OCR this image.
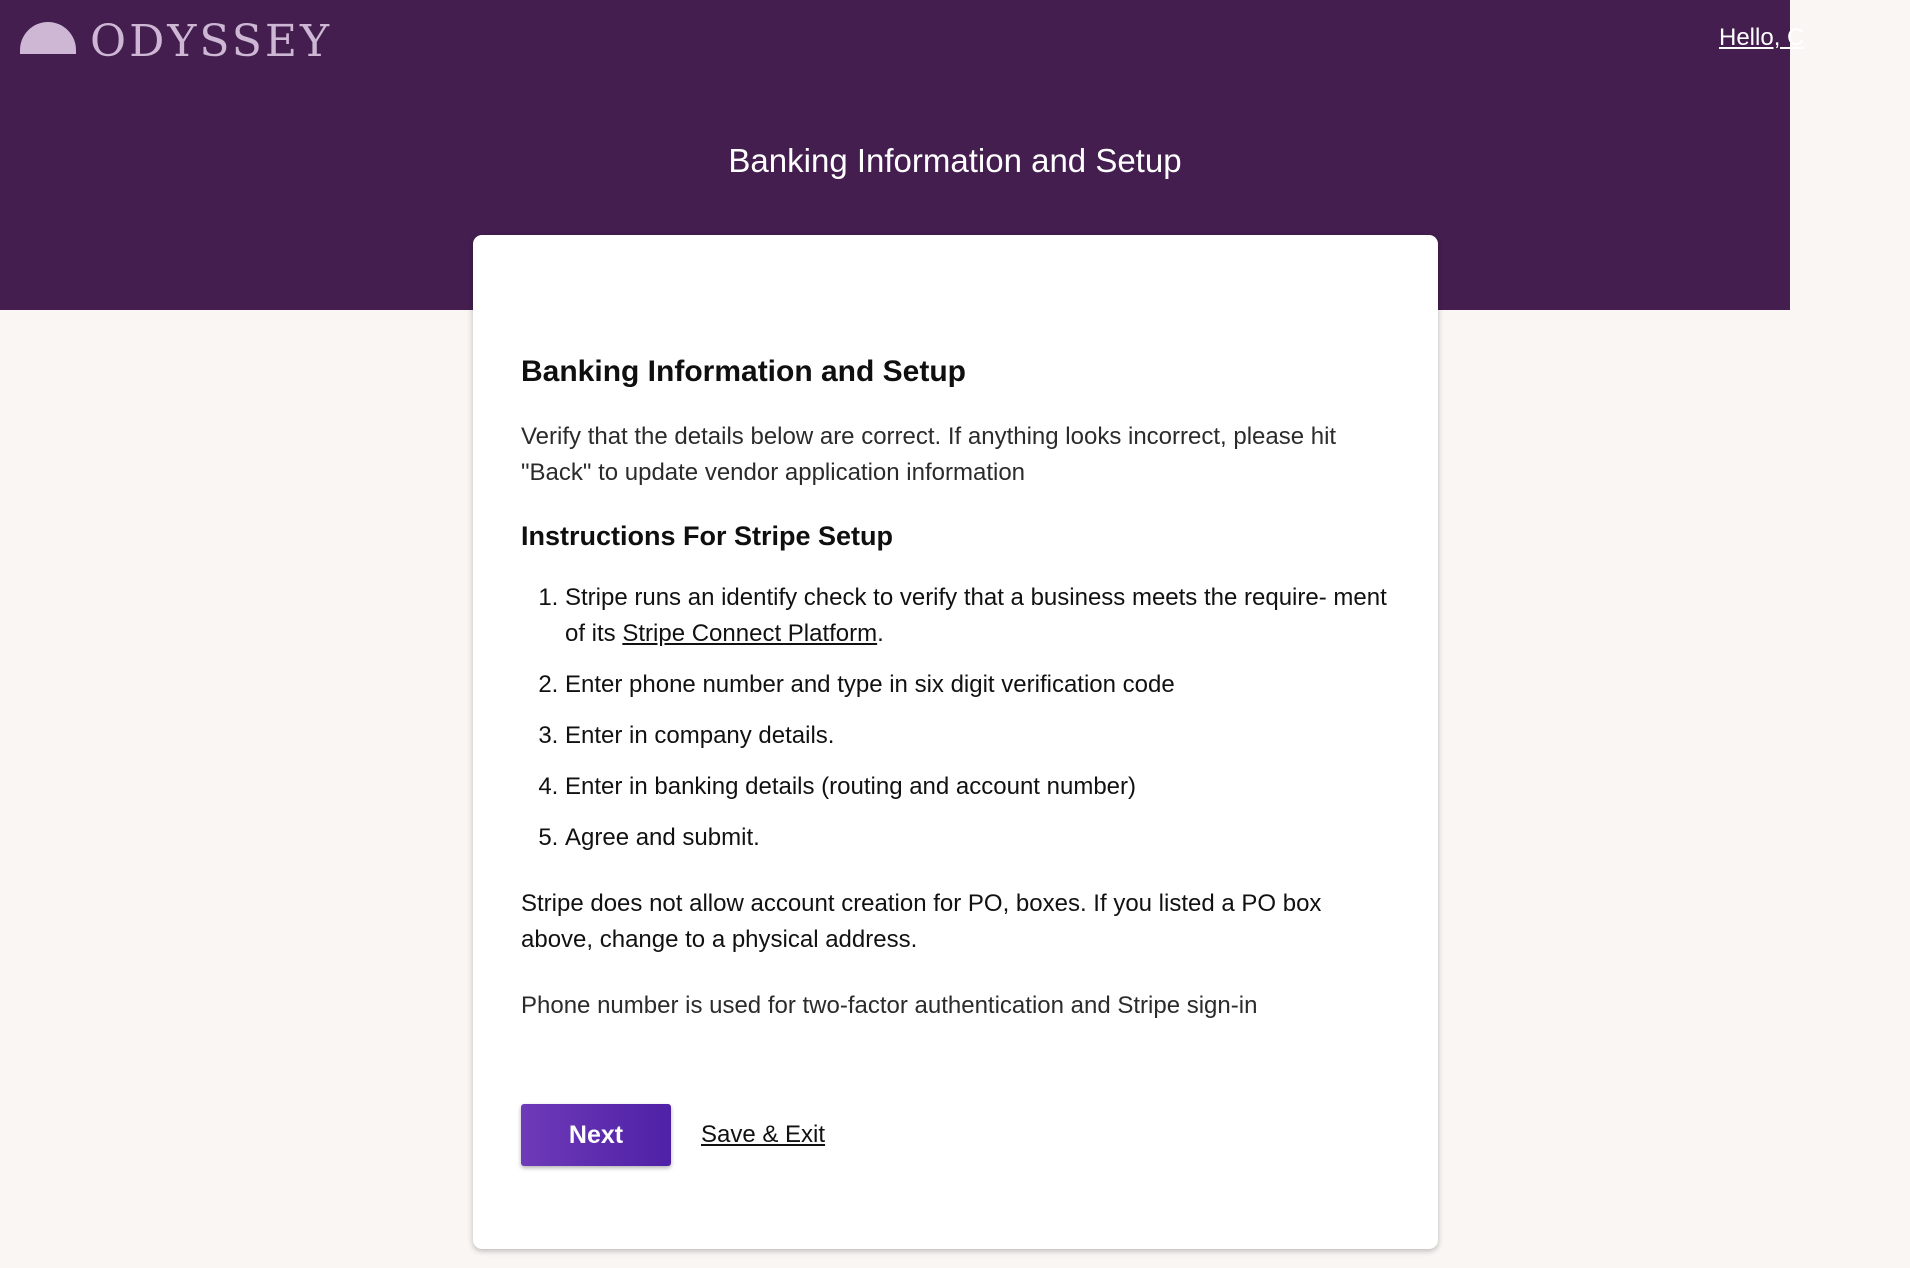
ODYSSEY	Hello, C
Banking Information and Setup
Banking Information and Setup

Verify that the details below are correct. If anything looks incorrect, please hit "Back" to update vendor application information

Instructions For Stripe Setup
1. Stripe runs an identify check to verify that a business meets the require- ment of its Stripe Connect Platform.
2. Enter phone number and type in six digit verification code
3. Enter in company details.
4. Enter in banking details (routing and account number)
5. Agree and submit.

Stripe does not allow account creation for PO, boxes. If you listed a PO box above, change to a physical address.

Phone number is used for two-factor authentication and Stripe sign-in

Next	Save & Exit
